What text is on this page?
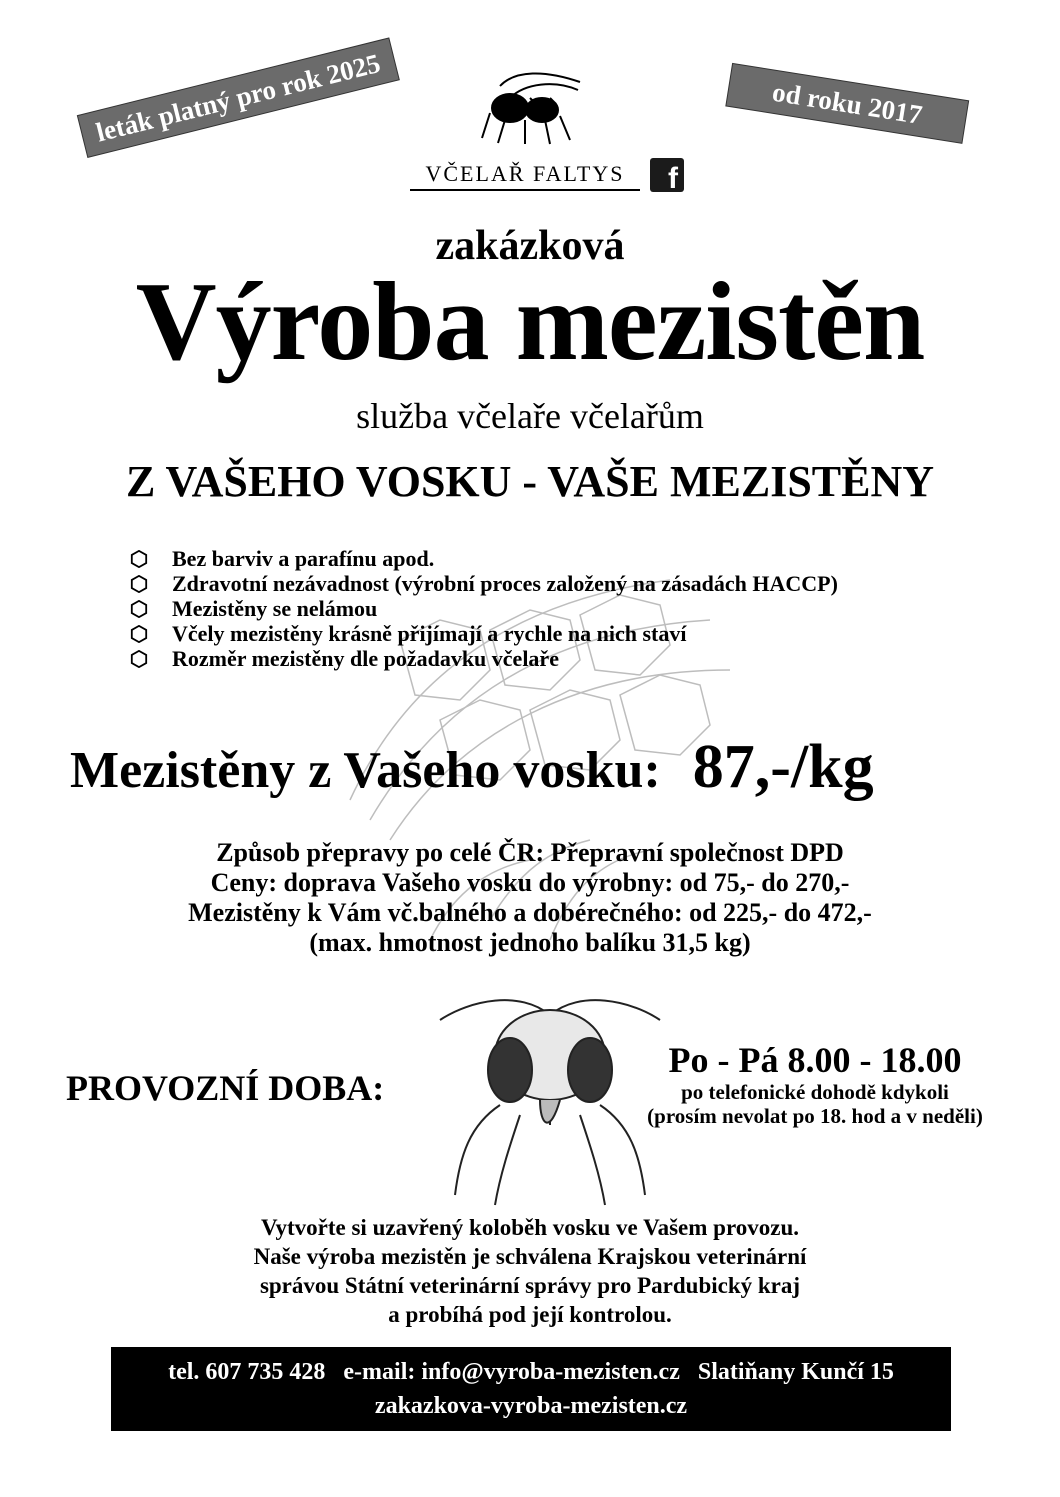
leták platný pro rok 2025	od roku 2017
VČELAŘ FALTYS	f
zakázková
Výroba mezistěn
služba včelaře včelařům
Z VAŠEHO VOSKU - VAŠE MEZISTĚNY
Bez barviv a parafínu apod.
Zdravotní nezávadnost (výrobní proces založený na zásadách HACCP)
Mezistěny se nelámou
Včely mezistěny krásně přijímají a rychle na nich staví
Rozměr mezistěny dle požadavku včelaře
Mezistěny z Vašeho vosku: 87,-/kg
Způsob přepravy po celé ČR: Přepravní společnost DPD
Ceny: doprava Vašeho vosku do výrobny: od 75,- do 270,-
Mezistěny k Vám vč.balného a dobérečného: od 225,- do 472,-
(max. hmotnost jednoho balíku 31,5 kg)
PROVOZNÍ DOBA:
Po - Pá 8.00 - 18.00
po telefonické dohodě kdykoli
(prosím nevolat po 18. hod a v neděli)
Vytvořte si uzavřený koloběh vosku ve Vašem provozu.
Naše výroba mezistěn je schválena Krajskou veterinární
správou Státní veterinární správy pro Pardubický kraj
a probíhá pod její kontrolou.
tel. 607 735 428   e-mail: info@vyroba-mezisten.cz   Slatiňany Kunčí 15
zakazkova-vyroba-mezisten.cz
